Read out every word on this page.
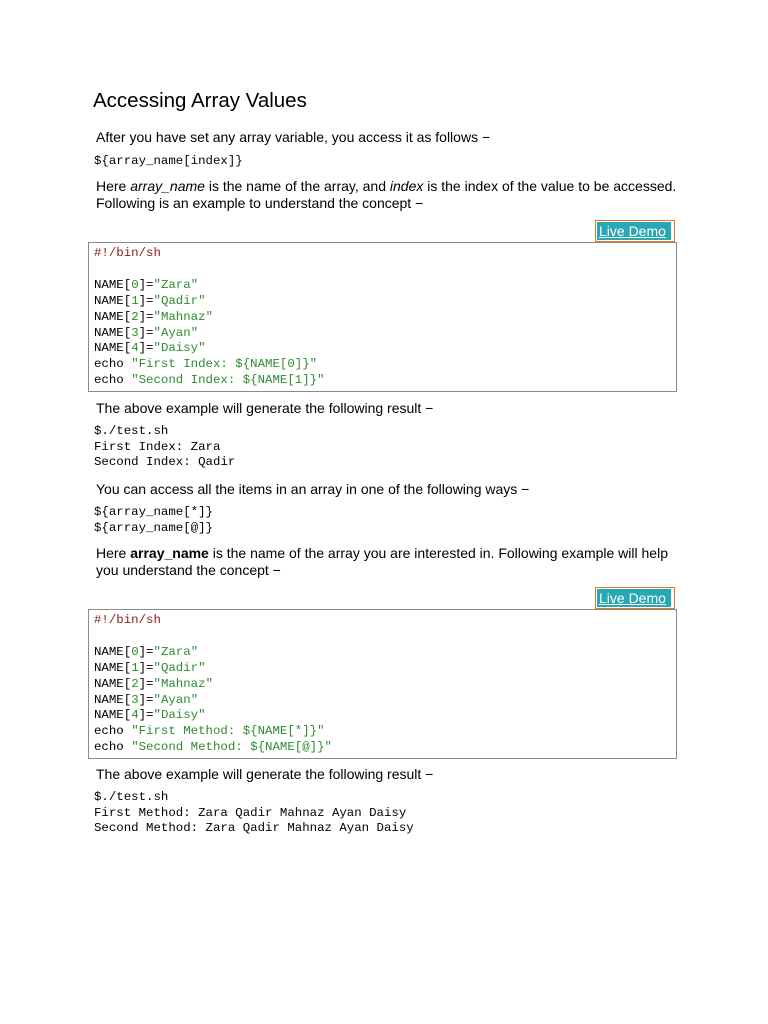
Accessing Array Values

After you have set any array variable, you access it as follows −

${array_name[index]}

Here array_name is the name of the array, and index is the index of the value to be accessed. Following is an example to understand the concept −

Live Demo
#!/bin/sh

NAME[0]="Zara"
NAME[1]="Qadir"
NAME[2]="Mahnaz"
NAME[3]="Ayan"
NAME[4]="Daisy"
echo "First Index: ${NAME[0]}"
echo "Second Index: ${NAME[1]}"

The above example will generate the following result −

$./test.sh
First Index: Zara
Second Index: Qadir

You can access all the items in an array in one of the following ways −

${array_name[*]}
${array_name[@]}

Here array_name is the name of the array you are interested in. Following example will help you understand the concept −

Live Demo
#!/bin/sh

NAME[0]="Zara"
NAME[1]="Qadir"
NAME[2]="Mahnaz"
NAME[3]="Ayan"
NAME[4]="Daisy"
echo "First Method: ${NAME[*]}"
echo "Second Method: ${NAME[@]}"

The above example will generate the following result −

$./test.sh
First Method: Zara Qadir Mahnaz Ayan Daisy
Second Method: Zara Qadir Mahnaz Ayan Daisy
